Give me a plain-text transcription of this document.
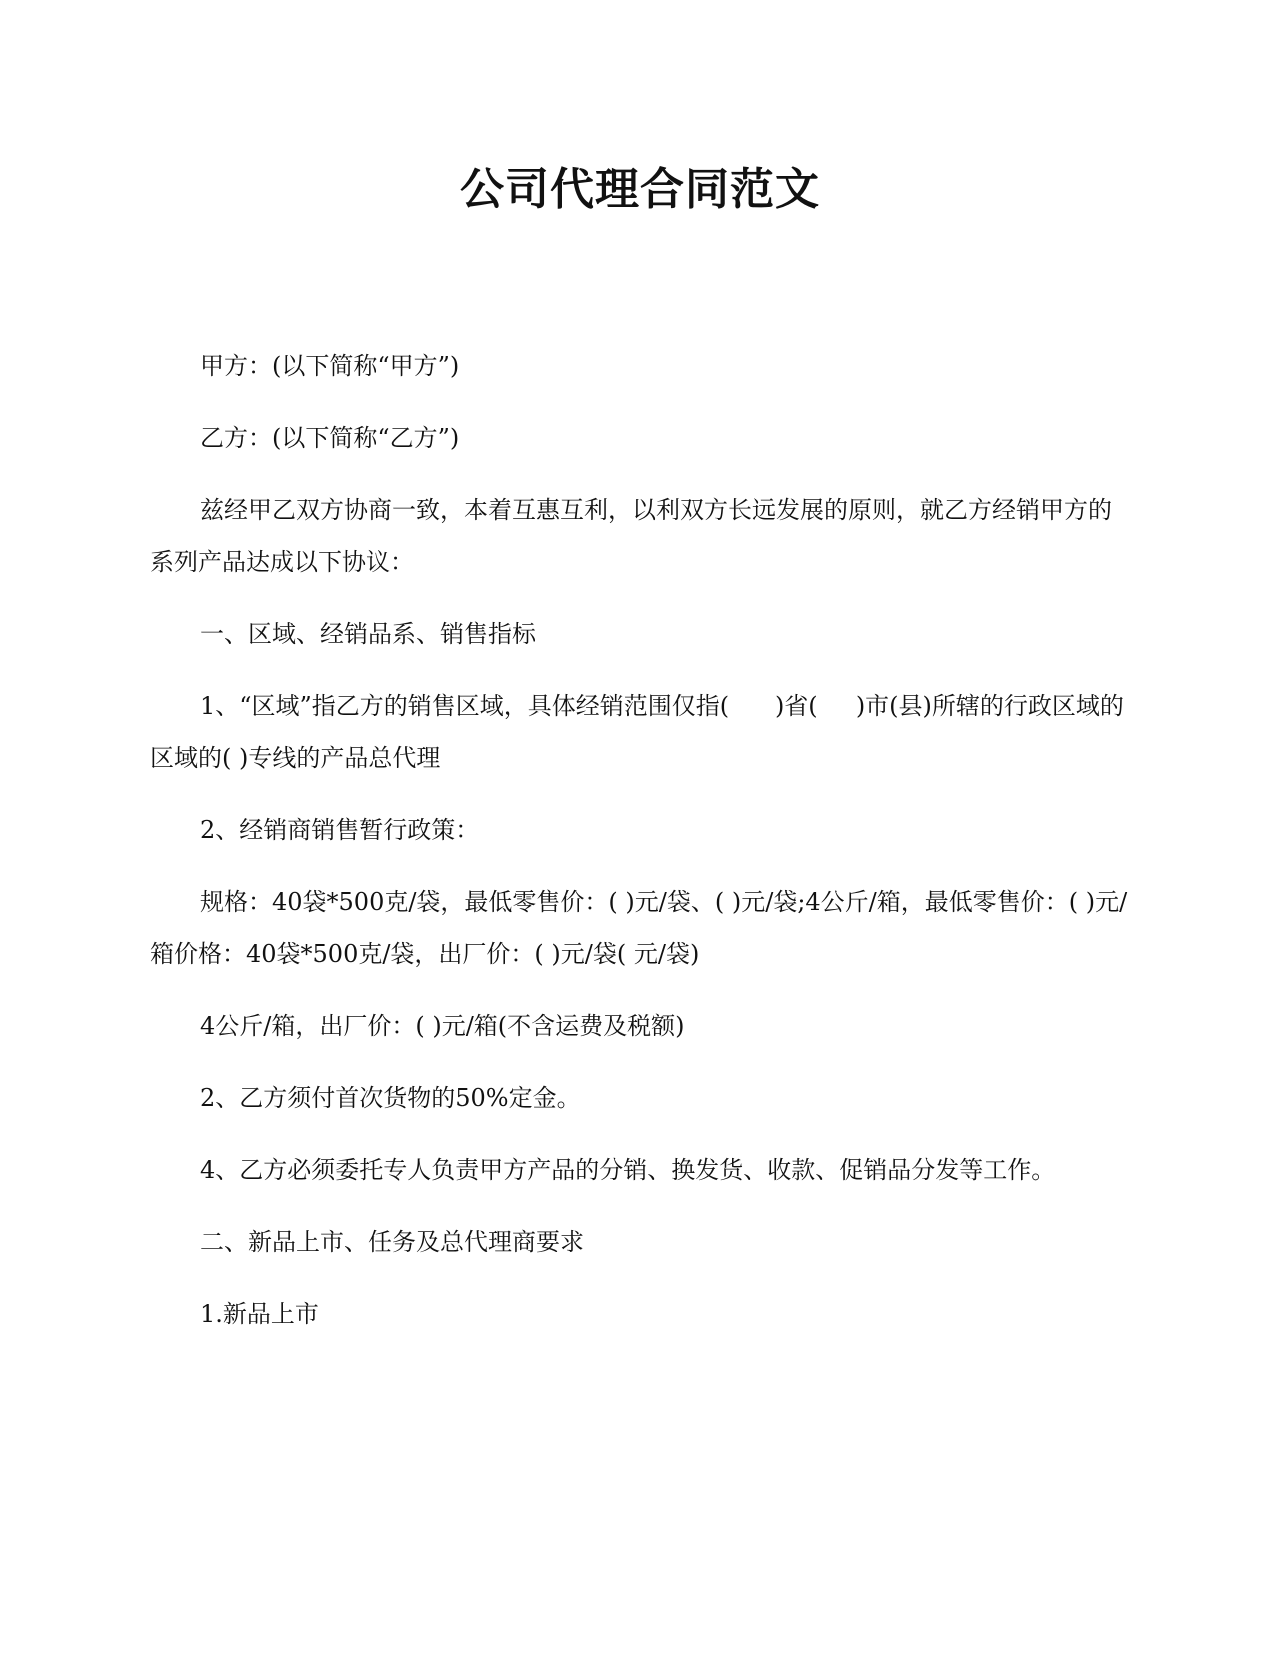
公司代理合同范文

甲方：(以下简称“甲方”)

乙方：(以下简称“乙方”)

兹经甲乙双方协商一致，本着互惠互利，以利双方长远发展的原则，就乙方经销甲方的系列产品达成以下协议：

一、区域、经销品系、销售指标

1、“区域”指乙方的销售区域，具体经销范围仅指(      )省(     )市(县)所辖的行政区域的区域的( )专线的产品总代理

2、经销商销售暂行政策：

规格：40袋*500克/袋，最低零售价：( )元/袋、( )元/袋;4公斤/箱，最低零售价：( )元/箱价格：40袋*500克/袋，出厂价：( )元/袋( 元/袋)

4公斤/箱，出厂价：( )元/箱(不含运费及税额)

2、乙方须付首次货物的50%定金。

4、乙方必须委托专人负责甲方产品的分销、换发货、收款、促销品分发等工作。

二、新品上市、任务及总代理商要求

1.新品上市
